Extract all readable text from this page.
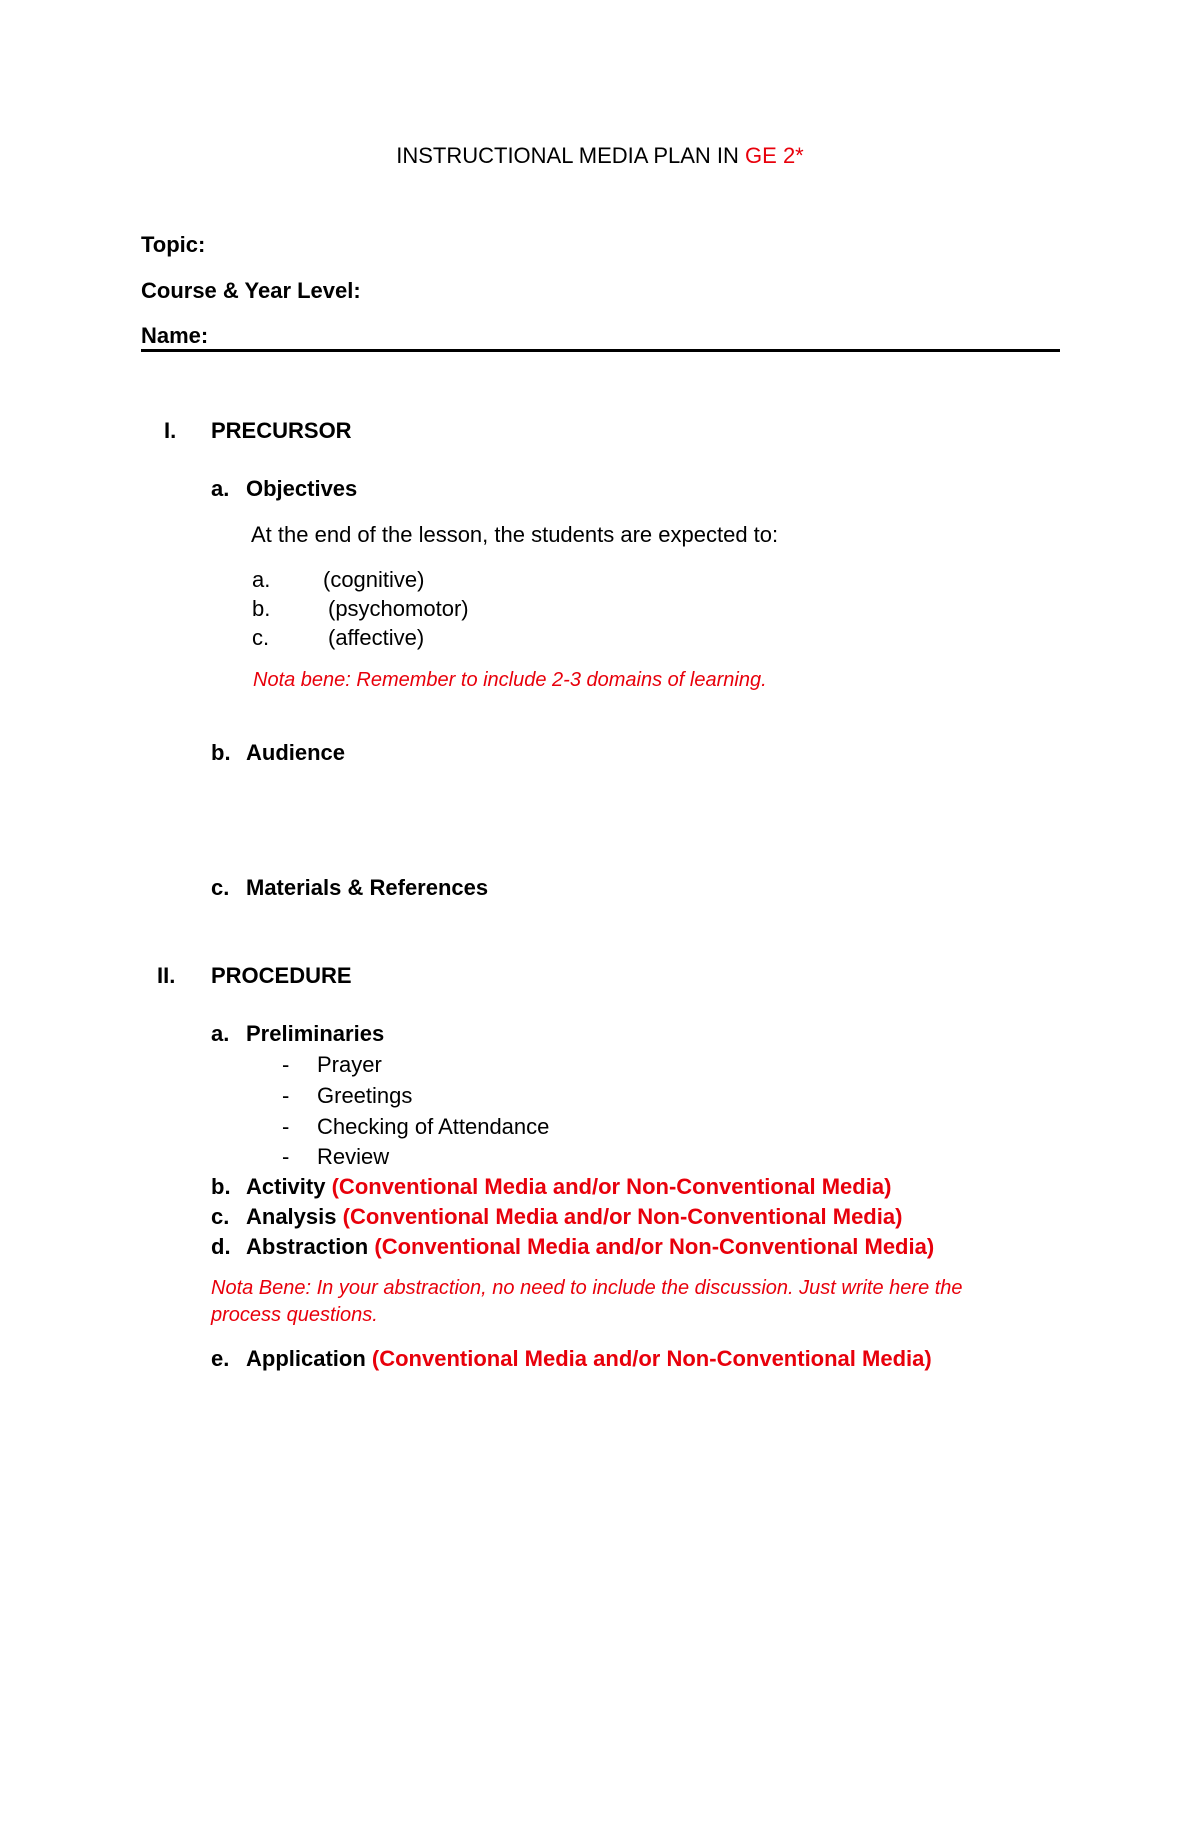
INSTRUCTIONAL MEDIA PLAN IN GE 2*
Topic:
Course & Year Level:
Name:
I. PRECURSOR
a. Objectives
At the end of the lesson, the students are expected to:
a. (cognitive)
b.	(psychomotor)
c.	(affective)
Nota bene: Remember to include 2-3 domains of learning.
b. Audience
c. Materials & References
II. PROCEDURE
a. Preliminaries
- Prayer
- Greetings
- Checking of Attendance
- Review
b. Activity (Conventional Media and/or Non-Conventional Media)
c. Analysis (Conventional Media and/or Non-Conventional Media)
d. Abstraction (Conventional Media and/or Non-Conventional Media)
Nota Bene: In your abstraction, no need to include the discussion. Just write here the
process questions.
e. Application (Conventional Media and/or Non-Conventional Media)
